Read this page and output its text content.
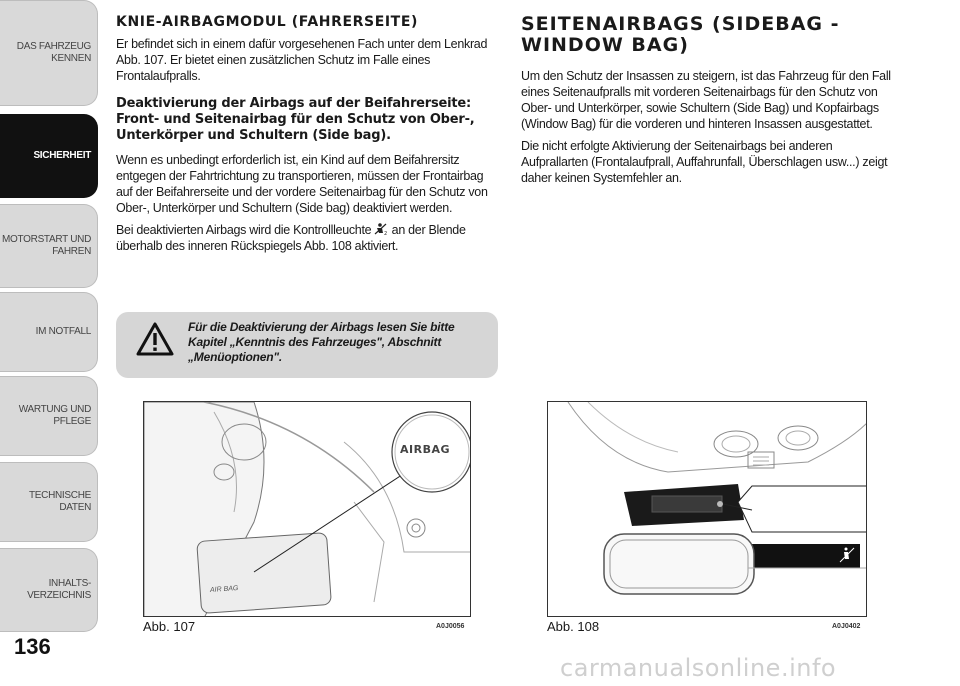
DAS FAHRZEUG KENNEN
SICHERHEIT
MOTORSTART UND FAHREN
IM NOTFALL
WARTUNG UND PFLEGE
TECHNISCHE DATEN
INHALTS-VERZEICHNIS
136
KNIE-AIRBAGMODUL (FAHRERSEITE)

Er befindet sich in einem dafür vorgesehenen Fach unter dem Lenkrad Abb. 107. Er bietet einen zusätzlichen Schutz im Falle eines Frontalaufpralls.

Deaktivierung der Airbags auf der Beifahrerseite: Front- und Seitenairbag für den Schutz von Ober-, Unterkörper und Schultern (Side bag).

Wenn es unbedingt erforderlich ist, ein Kind auf dem Beifahrersitz entgegen der Fahrtrichtung zu transportieren, müssen der Frontairbag auf der Beifahrerseite und der vordere Seitenairbag für den Schutz von Ober-, Unterkörper und Schultern (Side bag) deaktiviert werden.

Bei deaktivierten Airbags wird die Kontrollleuchte	2 an der Blende überhalb des inneren Rückspiegels Abb. 108 aktiviert.

Für die Deaktivierung der Airbags lesen Sie bitte Kapitel „Kenntnis des Fahrzeuges", Abschnitt „Menüoptionen".
SEITENAIRBAGS (SIDEBAG - WINDOW BAG)

Um den Schutz der Insassen zu steigern, ist das Fahrzeug für den Fall eines Seitenaufpralls mit vorderen Seitenairbags für den Schutz von Ober- und Unterkörper, sowie Schultern (Side Bag) und Kopfairbags (Window Bag) für die vorderen und hinteren Insassen ausgestattet.

Die nicht erfolgte Aktivierung der Seitenairbags bei anderen Aufprallarten (Frontalaufprall, Auffahrunfall, Überschlagen usw...) zeigt daher keinen Systemfehler an.

AIRBAG
AIR BAG
Abb. 107	A0J0056	Abb. 108	A0J0402
carmanualsonline.info
